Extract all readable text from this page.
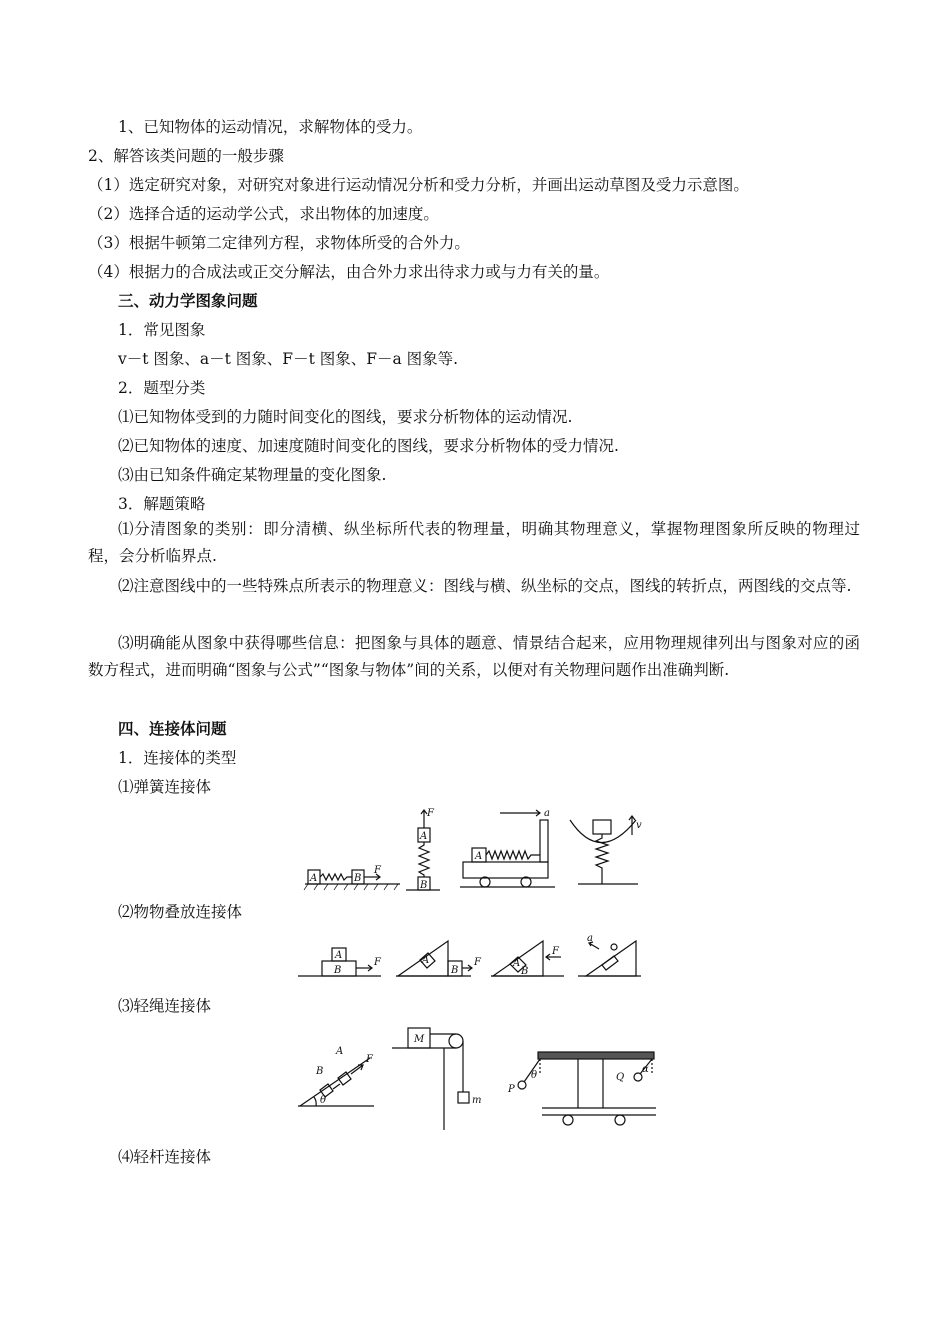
1、已知物体的运动情况，求解物体的受力。
2、解答该类问题的一般步骤
（1）选定研究对象，对研究对象进行运动情况分析和受力分析，并画出运动草图及受力示意图。
（2）选择合适的运动学公式，求出物体的加速度。
（3）根据牛顿第二定律列方程，求物体所受的合外力。
（4）根据力的合成法或正交分解法，由合外力求出待求力或与力有关的量。
三、动力学图象问题
1．常见图象
v－t 图象、a－t 图象、F－t 图象、F－a 图象等.
2．题型分类
⑴已知物体受到的力随时间变化的图线，要求分析物体的运动情况.
⑵已知物体的速度、加速度随时间变化的图线，要求分析物体的受力情况.
⑶由已知条件确定某物理量的变化图象.
3．解题策略
⑴分清图象的类别：即分清横、纵坐标所代表的物理量，明确其物理意义，掌握物理图象所反映的物理过程，会分析临界点.
⑵注意图线中的一些特殊点所表示的物理意义：图线与横、纵坐标的交点，图线的转折点，两图线的交点等.
⑶明确能从图象中获得哪些信息：把图象与具体的题意、情景结合起来，应用物理规律列出与图象对应的函数方程式，进而明确“图象与公式”“图象与物体”间的关系，以便对有关物理问题作出准确判断.
四、连接体问题
1．连接体的类型
⑴弹簧连接体
⑵物物叠放连接体
⑶轻绳连接体
⑷轻杆连接体
A	B
F
F
A
B
A
a
v
A
B
F	A
B
F	A
B
F
a
B
A
F
θ
M
m
P
θ	Q
α
